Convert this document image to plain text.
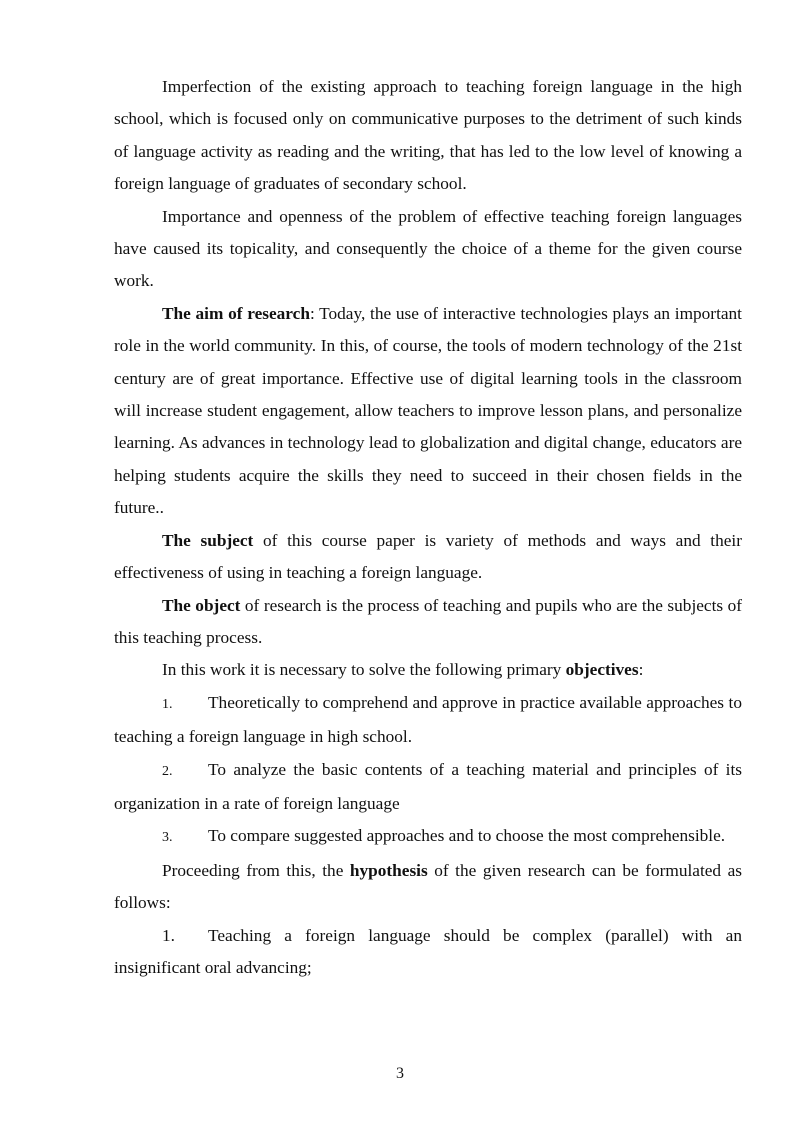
Imperfection of the existing approach to teaching foreign language in the high school, which is focused only on communicative purposes to the detriment of such kinds of language activity as reading and the writing, that has led to the low level of knowing a foreign language of graduates of secondary school.

Importance and openness of the problem of effective teaching foreign languages have caused its topicality, and consequently the choice of a theme for the given course work.

The aim of research: Today, the use of interactive technologies plays an important role in the world community. In this, of course, the tools of modern technology of the 21st century are of great importance. Effective use of digital learning tools in the classroom will increase student engagement, allow teachers to improve lesson plans, and personalize learning. As advances in technology lead to globalization and digital change, educators are helping students acquire the skills they need to succeed in their chosen fields in the future..

The subject of this course paper is variety of methods and ways and their effectiveness of using in teaching a foreign language.

The object of research is the process of teaching and pupils who are the subjects of this teaching process.

In this work it is necessary to solve the following primary objectives:

1. Theoretically to comprehend and approve in practice available approaches to teaching a foreign language in high school.
2. To analyze the basic contents of a teaching material and principles of its organization in a rate of foreign language
3. To compare suggested approaches and to choose the most comprehensible.

Proceeding from this, the hypothesis of the given research can be formulated as follows:

1. Teaching a foreign language should be complex (parallel) with an insignificant oral advancing;
3
